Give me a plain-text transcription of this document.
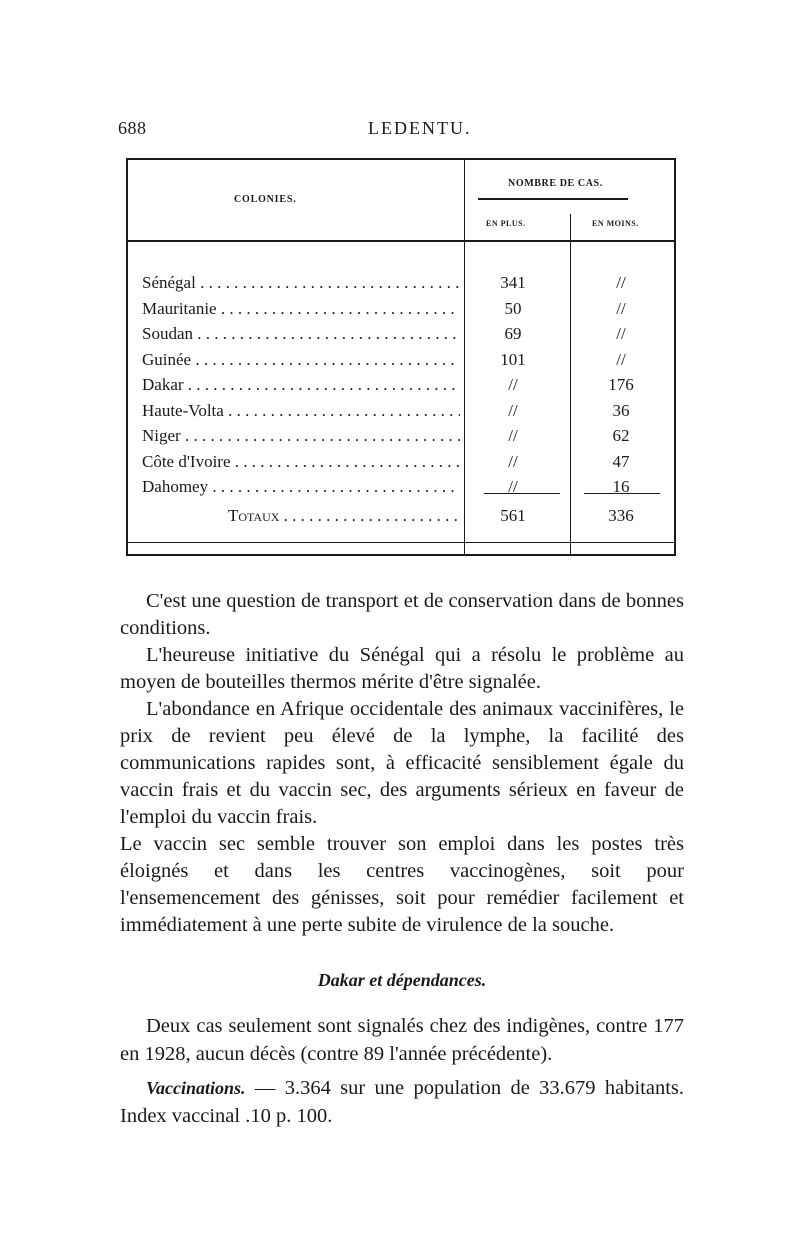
688	LEDENTU.
COLONIES.
NOMBRE DE CAS.
EN PLUS.	EN MOINS.
Sénégal . . .	341	//
Mauritanie . . .	50	//
Soudan . . .	69	//
Guinée . . .	101	//
Dakar . . .	//	176
Haute-Volta . . .	//	36
Niger . . .	//	62
Côte d'Ivoire . . .	//	47
Dahomey . . .	//	16
Totaux . . .	561	336

C'est une question de transport et de conservation dans de bonnes conditions.

L'heureuse initiative du Sénégal qui a résolu le problème au moyen de bouteilles thermos mérite d'être signalée.

L'abondance en Afrique occidentale des animaux vaccinifères, le prix de revient peu élevé de la lymphe, la facilité des communications rapides sont, à efficacité sensiblement égale du vaccin frais et du vaccin sec, des arguments sérieux en faveur de l'emploi du vaccin frais.

Le vaccin sec semble trouver son emploi dans les postes très éloignés et dans les centres vaccinogènes, soit pour l'ensemencement des génisses, soit pour remédier facilement et immédiatement à une perte subite de virulence de la souche.

Dakar et dépendances.

Deux cas seulement sont signalés chez des indigènes, contre 177 en 1928, aucun décès (contre 89 l'année précédente).

Vaccinations. — 3.364 sur une population de 33.679 habitants. Index vaccinal .10 p. 100.
